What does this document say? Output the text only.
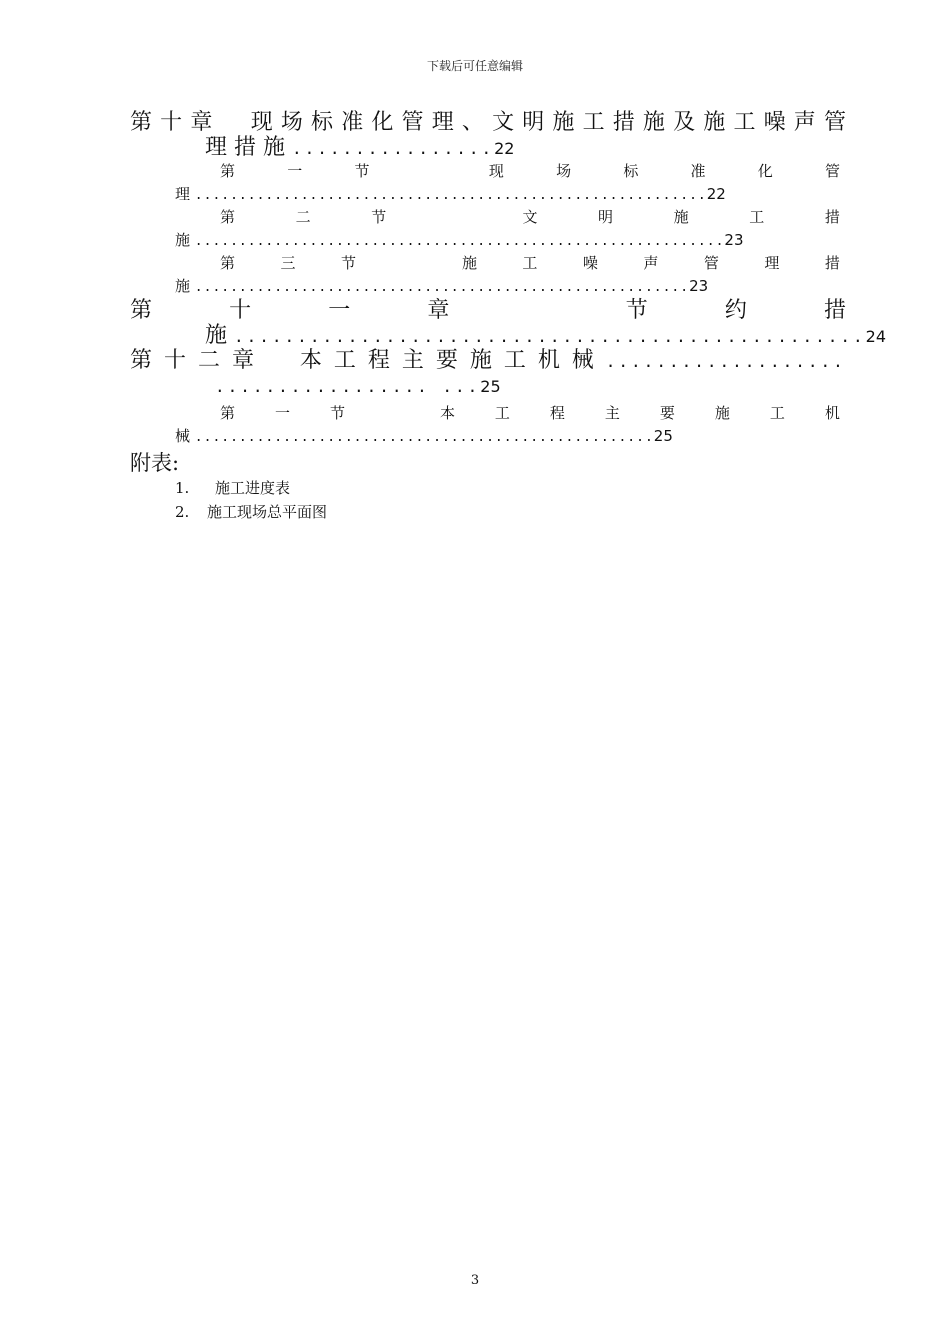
下载后可任意编辑
第 十 章
　 现 场 标 准 化 管 理 、 文 明 施 工 措 施 及 施 工 噪 声 管
理 措 施 ................22
第	一	节
　	现	场	标	准	化	管
理 ..........................................................22
第	二	节
　	文	明	施	工	措
施 ............................................................23
第	三	节
　	施	工	噪	声	管	理	措
施 ........................................................23
第	十	一	章
　	节	约	措
施 ..................................................24
第 十 二 章
　 本 工 程 主 要 施 工 机 械 ...................
................. ...25
第	一	节
　	本	工	程	主	要	施	工	机
械 ....................................................25
附表:
1. 施工进度表
2. 施工现场总平面图
3
